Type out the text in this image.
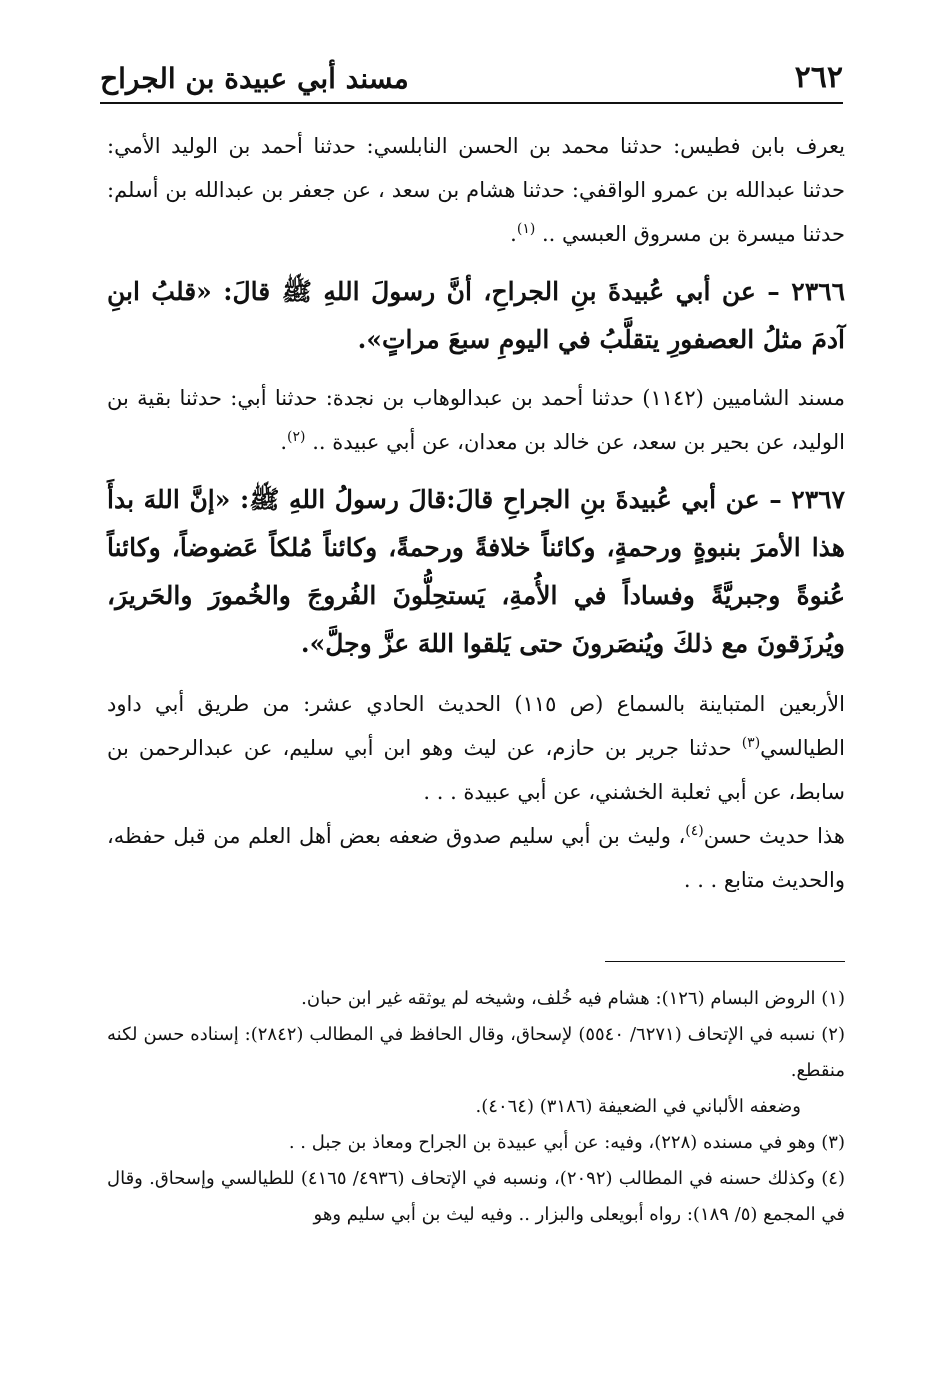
٢٦٢
مسند أبي عبيدة بن الجراح

يعرف بابن فطيس: حدثنا محمد بن الحسن النابلسي: حدثنا أحمد بن الوليد الأمي: حدثنا عبدالله بن عمرو الواقفي: حدثنا هشام بن سعد ، عن جعفر بن عبدالله بن أسلم: حدثنا ميسرة بن مسروق العبسي .. $^{(١)}$.

٢٣٦٦ – عن أبي عُبيدةَ بنِ الجراحِ، أنَّ رسولَ اللهِ ﷺ قالَ: «قلبُ ابنِ آدمَ مثلُ العصفورِ يتقلَّبُ في اليومِ سبعَ مراتٍ».

مسند الشاميين (١١٤٢) حدثنا أحمد بن عبدالوهاب بن نجدة: حدثنا أبي: حدثنا بقية بن الوليد، عن بحير بن سعد، عن خالد بن معدان، عن أبي عبيدة .. $^{(٢)}$.

٢٣٦٧ – عن أبي عُبيدةَ بنِ الجراحِ قالَ:قالَ رسولُ اللهِ ﷺ: «إنَّ اللهَ بدأَ هذا الأمرَ بنبوةٍ ورحمةٍ، وكائناً خلافةً ورحمةً، وكائناً مُلكاً عَضوضاً، وكائناً عُنوةً وجبريَّةً وفساداً في الأُمةِ، يَستحِلُّونَ الفُروجَ والخُمورَ والحَريرَ، ويُرزَقونَ مع ذلكَ ويُنصَرونَ حتى يَلقوا اللهَ عزَّ وجلَّ».

الأربعين المتباينة بالسماع (ص ١١٥) الحديث الحادي عشر: من طريق أبي داود الطيالسي$^{(٣)}$ حدثنا جرير بن حازم، عن ليث وهو ابن أبي سليم، عن عبدالرحمن بن سابط، عن أبي ثعلبة الخشني، عن أبي عبيدة . . .

هذا حديث حسن$^{(٤)}$، وليث بن أبي سليم صدوق ضعفه بعض أهل العلم من قبل حفظه، والحديث متابع . . .

(١) الروض البسام (١٢٦): هشام فيه خُلف، وشيخه لم يوثقه غير ابن حبان.

(٢) نسبه في الإتحاف (٦٢٧١/ ٥٥٤٠) لإسحاق، وقال الحافظ في المطالب (٢٨٤٢): إسناده حسن لكنه منقطع.

وضعفه الألباني في الضعيفة (٣١٨٦) (٤٠٦٤).

(٣) وهو في مسنده (٢٢٨)، وفيه: عن أبي عبيدة بن الجراح ومعاذ بن جبل . .

(٤) وكذلك حسنه في المطالب (٢٠٩٢)، ونسبه في الإتحاف (٤٩٣٦/ ٤١٦٥) للطيالسي وإسحاق. وقال في المجمع (٥/ ١٨٩): رواه أبويعلى والبزار .. وفيه ليث بن أبي سليم وهو
